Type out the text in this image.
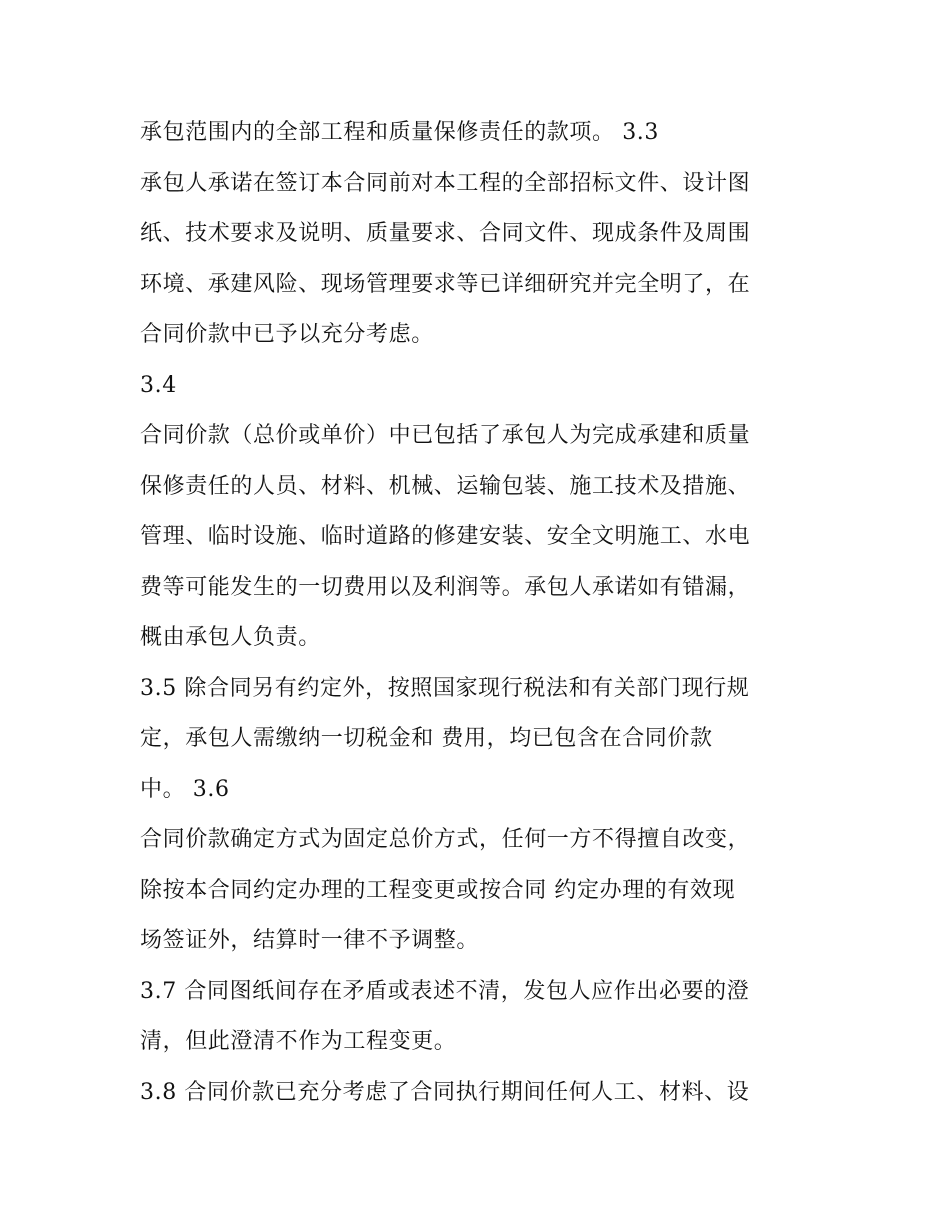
承包范围内的全部工程和质量保修责任的款项。 3.3
承包人承诺在签订本合同前对本工程的全部招标文件、设计图
纸、技术要求及说明、质量要求、合同文件、现成条件及周围
环境、承建风险、现场管理要求等已详细研究并完全明了，在
合同价款中已予以充分考虑。
3.4
合同价款（总价或单价）中已包括了承包人为完成承建和质量
保修责任的人员、材料、机械、运输包装、施工技术及措施、
管理、临时设施、临时道路的修建安装、安全文明施工、水电
费等可能发生的一切费用以及利润等。承包人承诺如有错漏，
概由承包人负责。
3.5 除合同另有约定外，按照国家现行税法和有关部门现行规
定，承包人需缴纳一切税金和 费用，均已包含在合同价款
中。 3.6
合同价款确定方式为固定总价方式，任何一方不得擅自改变，
除按本合同约定办理的工程变更或按合同 约定办理的有效现
场签证外，结算时一律不予调整。
3.7 合同图纸间存在矛盾或表述不清，发包人应作出必要的澄
清，但此澄清不作为工程变更。
3.8 合同价款已充分考虑了合同执行期间任何人工、材料、设
